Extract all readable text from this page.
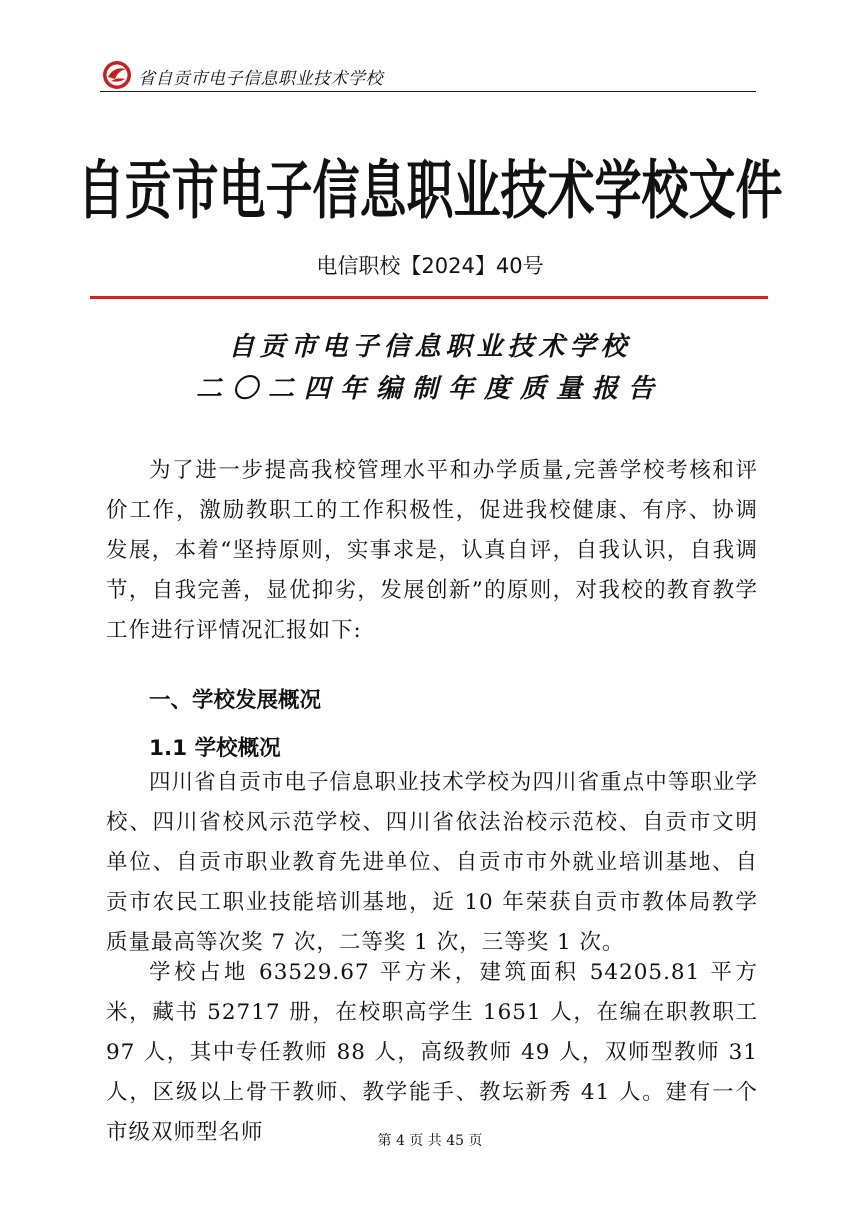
省自贡市电子信息职业技术学校
自贡市电子信息职业技术学校文件
电信职校【2024】40号
自贡市电子信息职业技术学校
二〇二四年编制年度质量报告
为了进一步提高我校管理水平和办学质量,完善学校考核和评价工作，激励教职工的工作积极性，促进我校健康、有序、协调发展，本着“坚持原则，实事求是，认真自评，自我认识，自我调节，自我完善，显优抑劣，发展创新”的原则，对我校的教育教学工作进行评情况汇报如下:
一、学校发展概况
1.1 学校概况
四川省自贡市电子信息职业技术学校为四川省重点中等职业学校、四川省校风示范学校、四川省依法治校示范校、自贡市文明单位、自贡市职业教育先进单位、自贡市市外就业培训基地、自贡市农民工职业技能培训基地，近 10 年荣获自贡市教体局教学质量最高等次奖 7 次，二等奖 1 次，三等奖 1 次。
学校占地 63529.67 平方米，建筑面积 54205.81 平方米，藏书 52717 册，在校职高学生 1651 人，在编在职教职工 97 人，其中专任教师 88 人，高级教师 49 人，双师型教师 31 人，区级以上骨干教师、教学能手、教坛新秀 41 人。建有一个市级双师型名师	第 4 页 共 45 页
